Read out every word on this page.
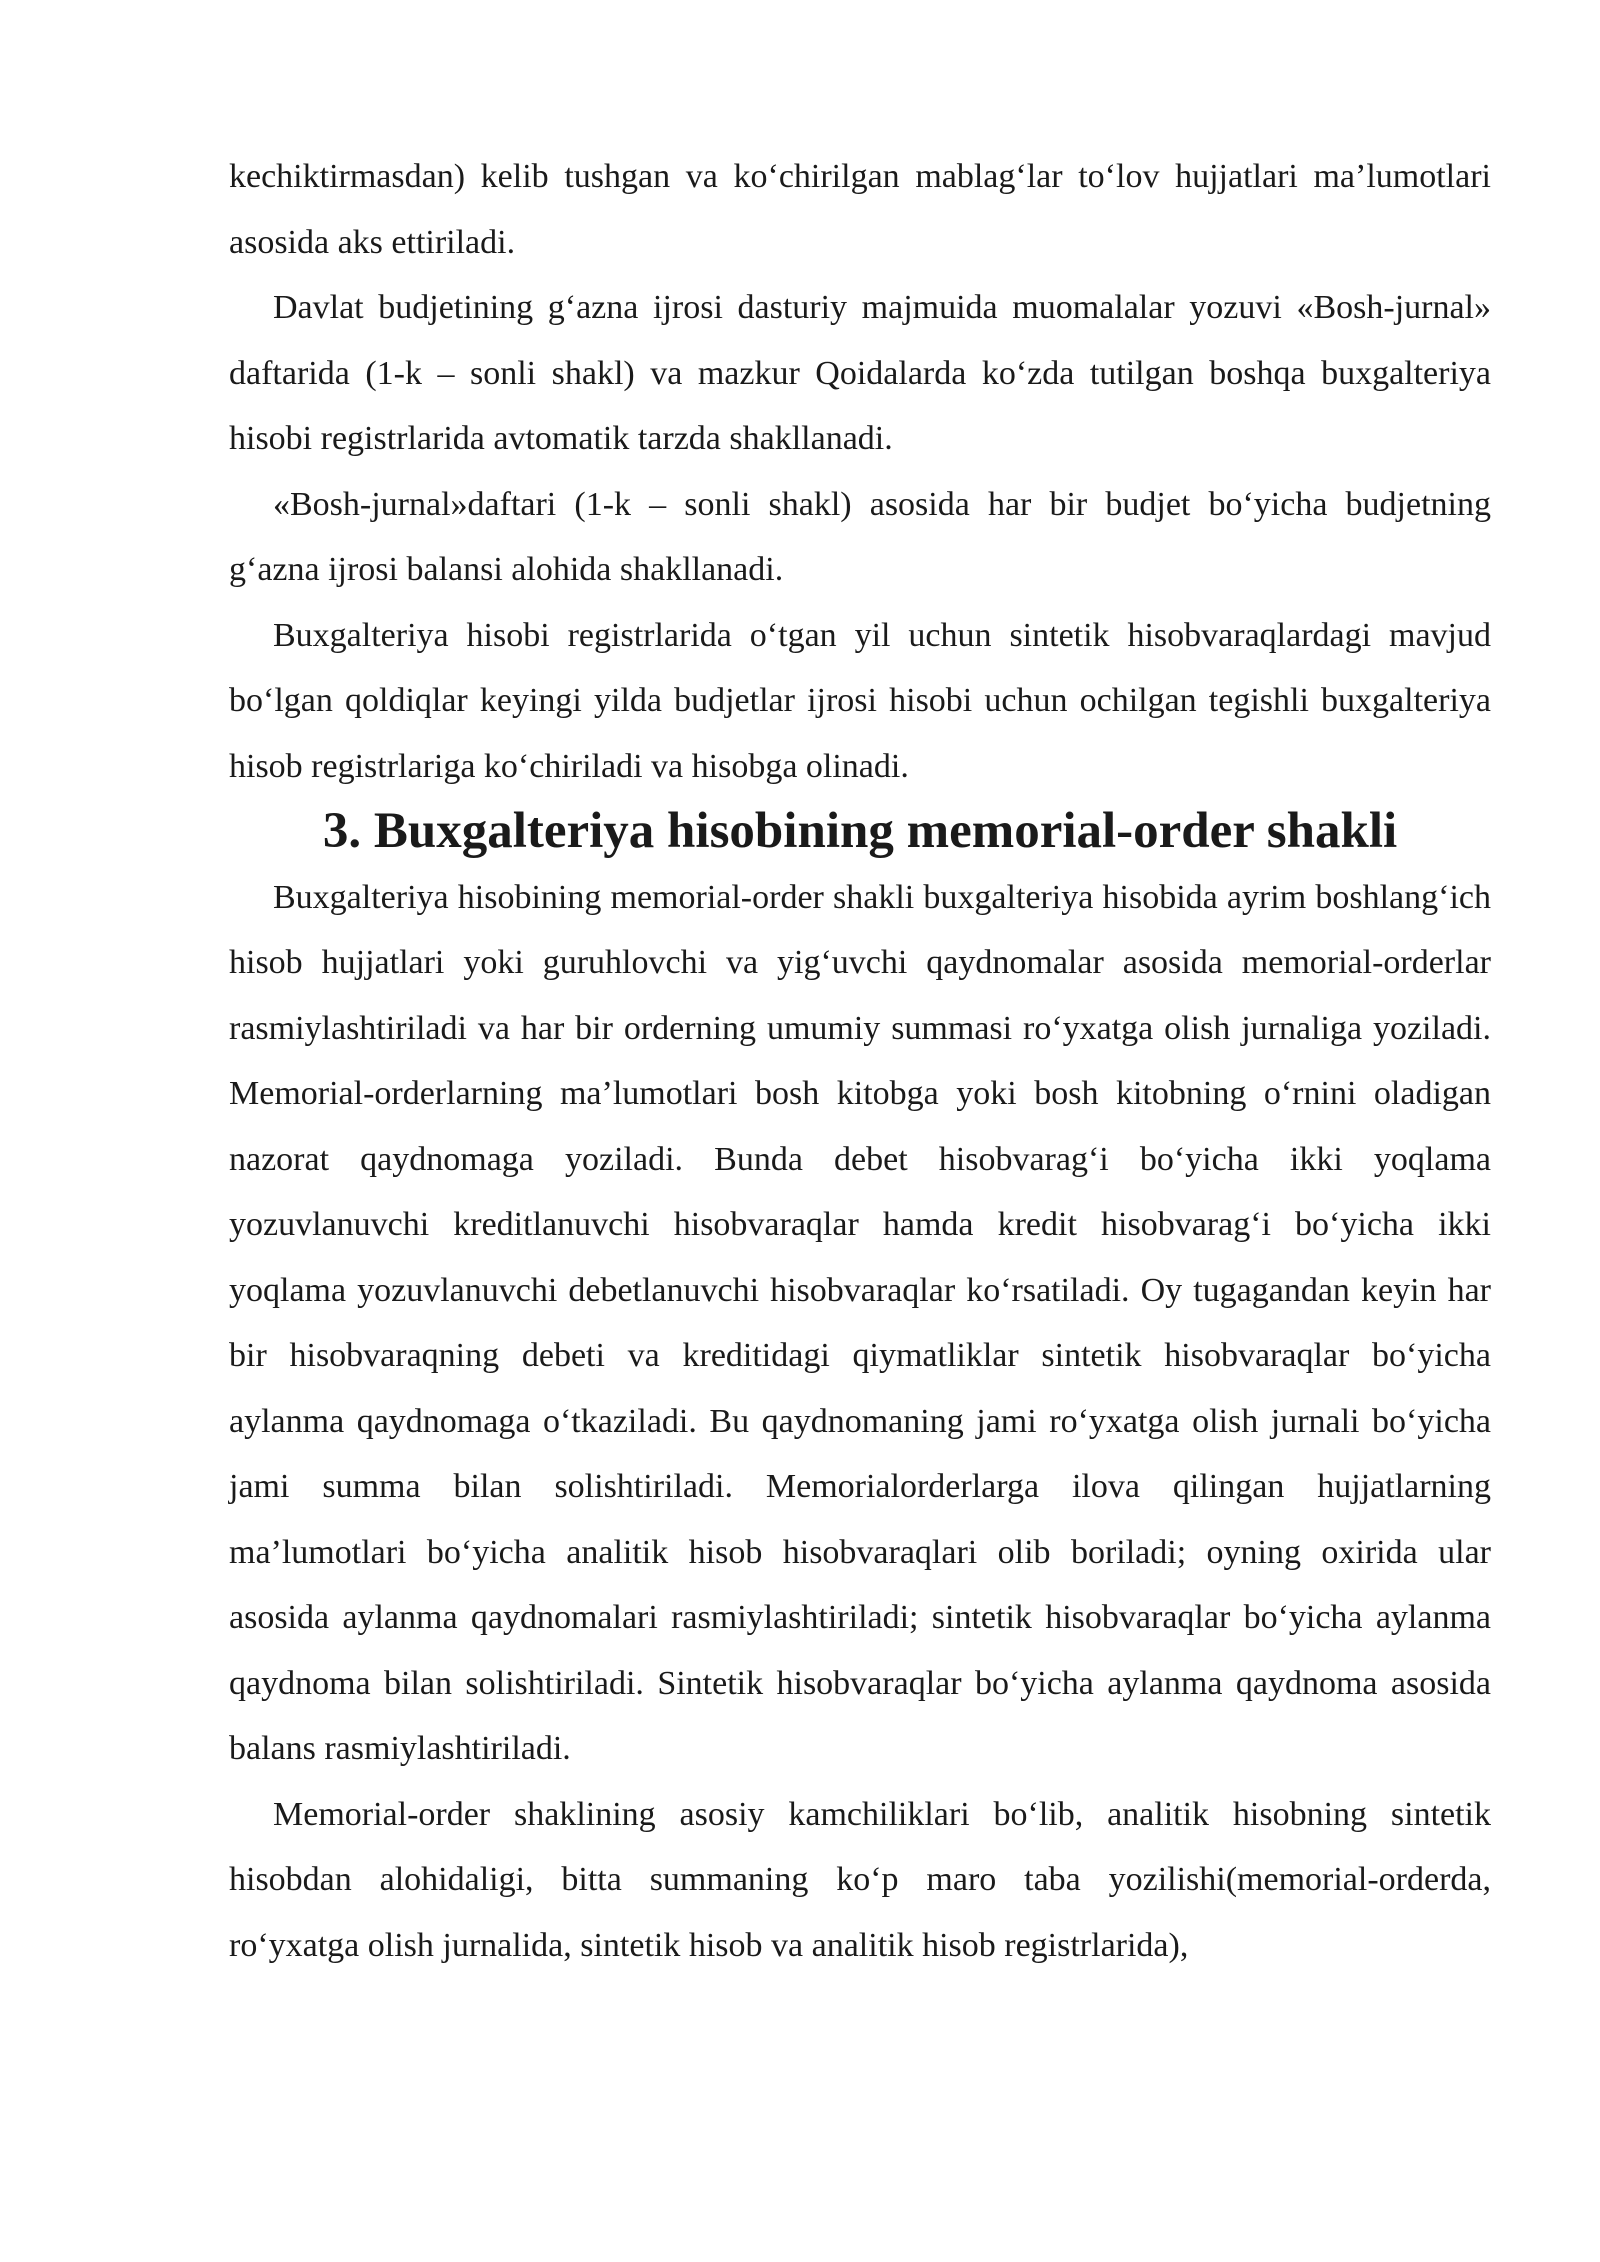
kechiktirmasdan) kelib tushgan va ko‘chirilgan mablag‘lar to‘lov hujjatlari ma’lumotlari asosida aks ettiriladi.

Davlat budjetining g‘azna ijrosi dasturiy majmuida muomalalar yozuvi «Bosh-jurnal» daftarida (1-k – sonli shakl) va mazkur Qoidalarda ko‘zda tutilgan boshqa buxgalteriya hisobi registrlarida avtomatik tarzda shakllanadi.

«Bosh-jurnal»daftari (1-k – sonli shakl) asosida har bir budjet bo‘yicha budjetning g‘azna ijrosi balansi alohida shakllanadi.

Buxgalteriya hisobi registrlarida o‘tgan yil uchun sintetik hisobvaraqlardagi mavjud bo‘lgan qoldiqlar keyingi yilda budjetlar ijrosi hisobi uchun ochilgan tegishli buxgalteriya hisob registrlariga ko‘chiriladi va hisobga olinadi.

3. Buxgalteriya hisobining memorial-order shakli

Buxgalteriya hisobining memorial-order shakli buxgalteriya hisobida ayrim boshlang‘ich hisob hujjatlari yoki guruhlovchi va yig‘uvchi qaydnomalar asosida memorial-orderlar rasmiylashtiriladi va har bir orderning umumiy summasi ro‘yxatga olish jurnaliga yoziladi. Memorial-orderlarning ma’lumotlari bosh kitobga yoki bosh kitobning o‘rnini oladigan nazorat qaydnomaga yoziladi. Bunda debet hisobvarag‘i bo‘yicha ikki yoqlama yozuvlanuvchi kreditlanuvchi hisobvaraqlar hamda kredit hisobvarag‘i bo‘yicha ikki yoqlama yozuvlanuvchi debetlanuvchi hisobvaraqlar ko‘rsatiladi. Oy tugagandan keyin har bir hisobvaraqning debeti va kreditidagi qiymatliklar sintetik hisobvaraqlar bo‘yicha aylanma qaydnomaga o‘tkaziladi. Bu qaydnomaning jami ro‘yxatga olish jurnali bo‘yicha jami summa bilan solishtiriladi. Memorialorderlarga ilova qilingan hujjatlarning ma’lumotlari bo‘yicha analitik hisob hisobvaraqlari olib boriladi; oyning oxirida ular asosida aylanma qaydnomalari rasmiylashtiriladi; sintetik hisobvaraqlar bo‘yicha aylanma qaydnoma bilan solishtiriladi. Sintetik hisobvaraqlar bo‘yicha aylanma qaydnoma asosida balans rasmiylashtiriladi.

Memorial-order shaklining asosiy kamchiliklari bo‘lib, analitik hisobning sintetik hisobdan alohidaligi, bitta summaning ko‘p maro taba yozilishi(memorial-orderda, ro‘yxatga olish jurnalida, sintetik hisob va analitik hisob registrlarida),
